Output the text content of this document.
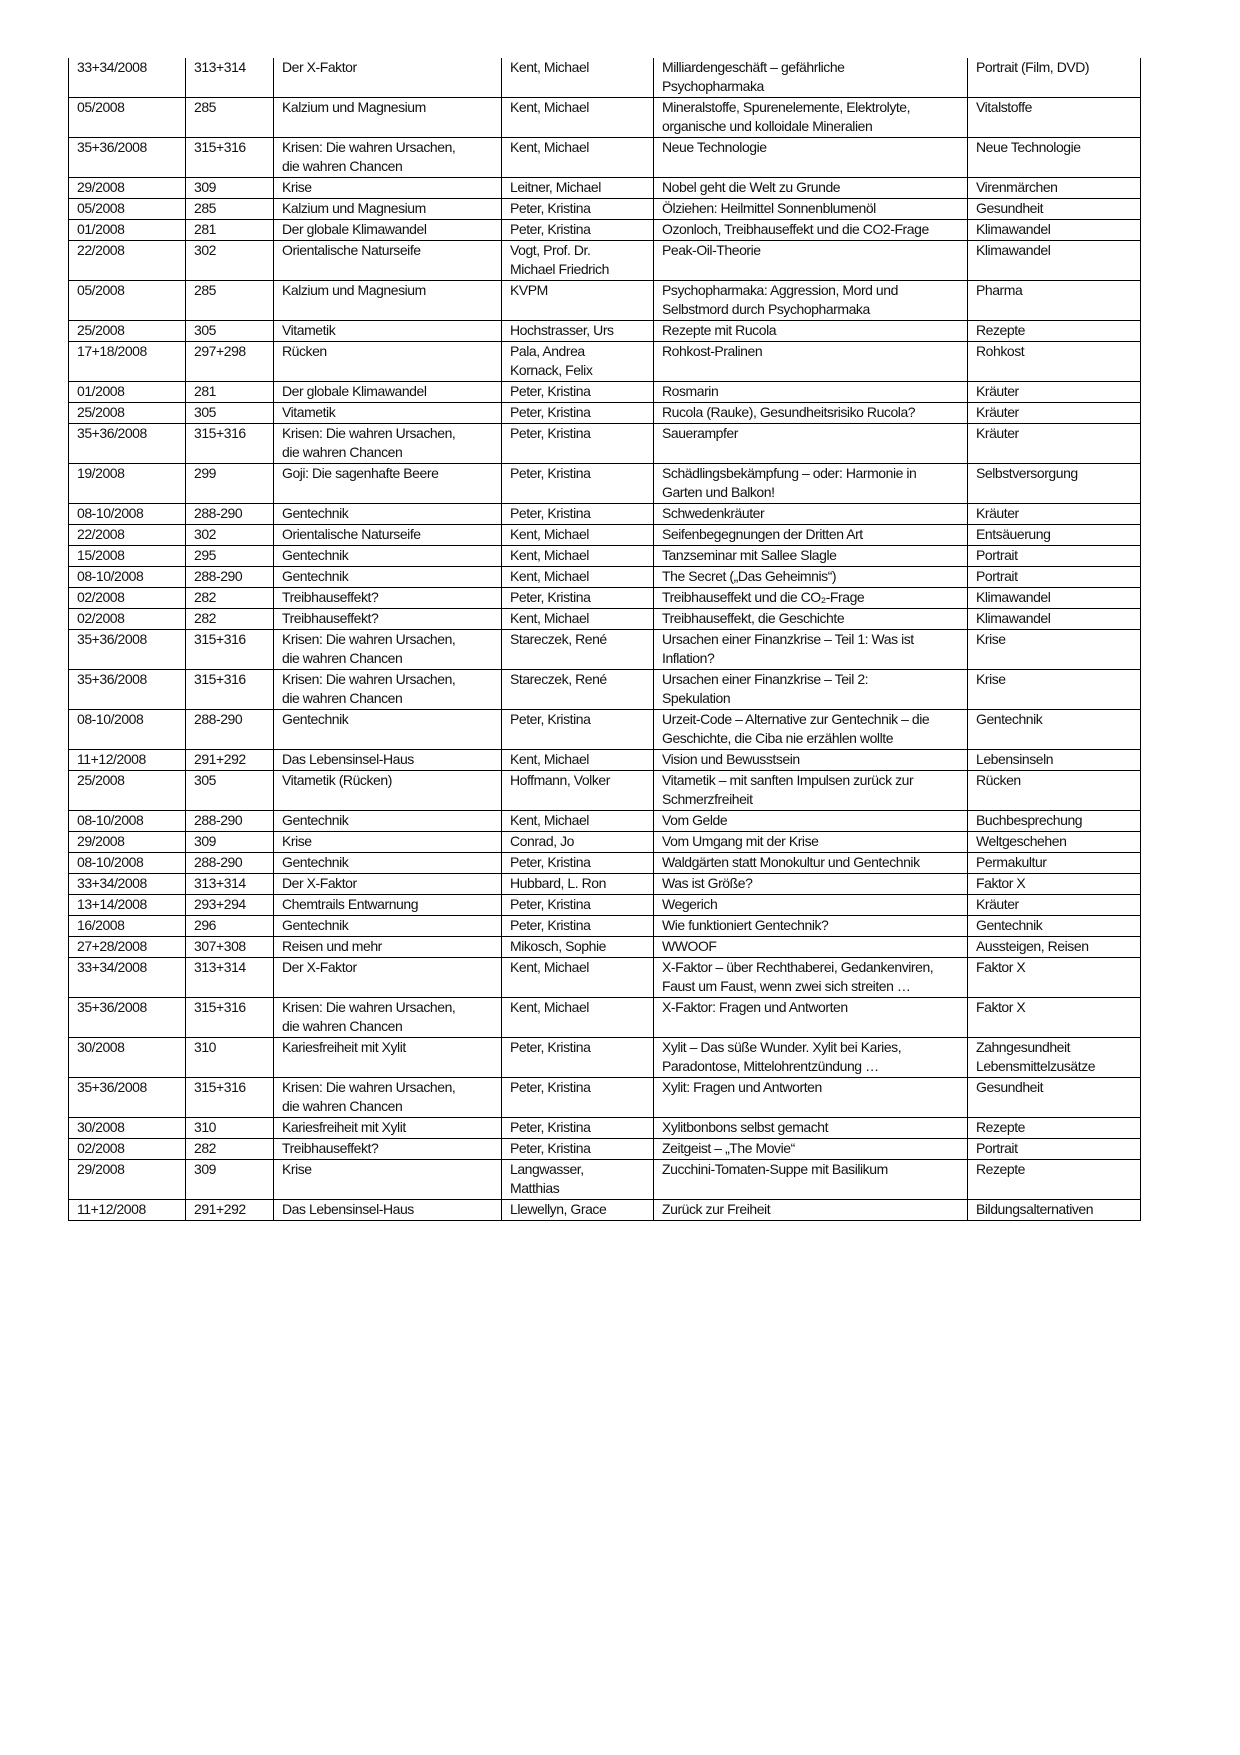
33+34/2008	313+314	Der X-Faktor	Kent, Michael	Milliardengeschäft – gefährliche
Psychopharmaka	Portrait (Film, DVD)
05/2008	285	Kalzium und Magnesium	Kent, Michael	Mineralstoffe, Spurenelemente, Elektrolyte,
organische und kolloidale Mineralien	Vitalstoffe
35+36/2008	315+316	Krisen: Die wahren Ursachen,
die wahren Chancen	Kent, Michael	Neue Technologie	Neue Technologie
29/2008	309	Krise	Leitner, Michael	Nobel geht die Welt zu Grunde	Virenmärchen
05/2008	285	Kalzium und Magnesium	Peter, Kristina	Ölziehen: Heilmittel Sonnenblumenöl	Gesundheit
01/2008	281	Der globale Klimawandel	Peter, Kristina	Ozonloch, Treibhauseffekt und die CO2-Frage	Klimawandel
22/2008	302	Orientalische Naturseife	Vogt, Prof. Dr.
Michael Friedrich	Peak-Oil-Theorie	Klimawandel
05/2008	285	Kalzium und Magnesium	KVPM	Psychopharmaka: Aggression, Mord und
Selbstmord durch Psychopharmaka	Pharma
25/2008	305	Vitametik	Hochstrasser, Urs	Rezepte mit Rucola	Rezepte
17+18/2008	297+298	Rücken	Pala, Andrea
Kornack, Felix	Rohkost-Pralinen	Rohkost
01/2008	281	Der globale Klimawandel	Peter, Kristina	Rosmarin	Kräuter
25/2008	305	Vitametik	Peter, Kristina	Rucola (Rauke), Gesundheitsrisiko Rucola?	Kräuter
35+36/2008	315+316	Krisen: Die wahren Ursachen,
die wahren Chancen	Peter, Kristina	Sauerampfer	Kräuter
19/2008	299	Goji: Die sagenhafte Beere	Peter, Kristina	Schädlingsbekämpfung – oder: Harmonie in
Garten und Balkon!	Selbstversorgung
08-10/2008	288-290	Gentechnik	Peter, Kristina	Schwedenkräuter	Kräuter
22/2008	302	Orientalische Naturseife	Kent, Michael	Seifenbegegnungen der Dritten Art	Entsäuerung
15/2008	295	Gentechnik	Kent, Michael	Tanzseminar mit Sallee Slagle	Portrait
08-10/2008	288-290	Gentechnik	Kent, Michael	The Secret („Das Geheimnis“)	Portrait
02/2008	282	Treibhauseffekt?	Peter, Kristina	Treibhauseffekt und die CO₂-Frage	Klimawandel
02/2008	282	Treibhauseffekt?	Kent, Michael	Treibhauseffekt, die Geschichte	Klimawandel
35+36/2008	315+316	Krisen: Die wahren Ursachen,
die wahren Chancen	Stareczek, René	Ursachen einer Finanzkrise – Teil 1: Was ist
Inflation?	Krise
35+36/2008	315+316	Krisen: Die wahren Ursachen,
die wahren Chancen	Stareczek, René	Ursachen einer Finanzkrise – Teil 2:
Spekulation	Krise
08-10/2008	288-290	Gentechnik	Peter, Kristina	Urzeit-Code – Alternative zur Gentechnik – die
Geschichte, die Ciba nie erzählen wollte	Gentechnik
11+12/2008	291+292	Das Lebensinsel-Haus	Kent, Michael	Vision und Bewusstsein	Lebensinseln
25/2008	305	Vitametik (Rücken)	Hoffmann, Volker	Vitametik – mit sanften Impulsen zurück zur
Schmerzfreiheit	Rücken
08-10/2008	288-290	Gentechnik	Kent, Michael	Vom Gelde	Buchbesprechung
29/2008	309	Krise	Conrad, Jo	Vom Umgang mit der Krise	Weltgeschehen
08-10/2008	288-290	Gentechnik	Peter, Kristina	Waldgärten statt Monokultur und Gentechnik	Permakultur
33+34/2008	313+314	Der X-Faktor	Hubbard, L. Ron	Was ist Größe?	Faktor X
13+14/2008	293+294	Chemtrails Entwarnung	Peter, Kristina	Wegerich	Kräuter
16/2008	296	Gentechnik	Peter, Kristina	Wie funktioniert Gentechnik?	Gentechnik
27+28/2008	307+308	Reisen und mehr	Mikosch, Sophie	WWOOF	Aussteigen, Reisen
33+34/2008	313+314	Der X-Faktor	Kent, Michael	X-Faktor – über Rechthaberei, Gedankenviren,
Faust um Faust, wenn zwei sich streiten …	Faktor X
35+36/2008	315+316	Krisen: Die wahren Ursachen,
die wahren Chancen	Kent, Michael	X-Faktor: Fragen und Antworten	Faktor X
30/2008	310	Kariesfreiheit mit Xylit	Peter, Kristina	Xylit – Das süße Wunder. Xylit bei Karies,
Paradontose, Mittelohrentzündung …	Zahngesundheit
Lebensmittelzusätze
35+36/2008	315+316	Krisen: Die wahren Ursachen,
die wahren Chancen	Peter, Kristina	Xylit: Fragen und Antworten	Gesundheit
30/2008	310	Kariesfreiheit mit Xylit	Peter, Kristina	Xylitbonbons selbst gemacht	Rezepte
02/2008	282	Treibhauseffekt?	Peter, Kristina	Zeitgeist – „The Movie“	Portrait
29/2008	309	Krise	Langwasser,
Matthias	Zucchini-Tomaten-Suppe mit Basilikum	Rezepte
11+12/2008	291+292	Das Lebensinsel-Haus	Llewellyn, Grace	Zurück zur Freiheit	Bildungsalternativen
